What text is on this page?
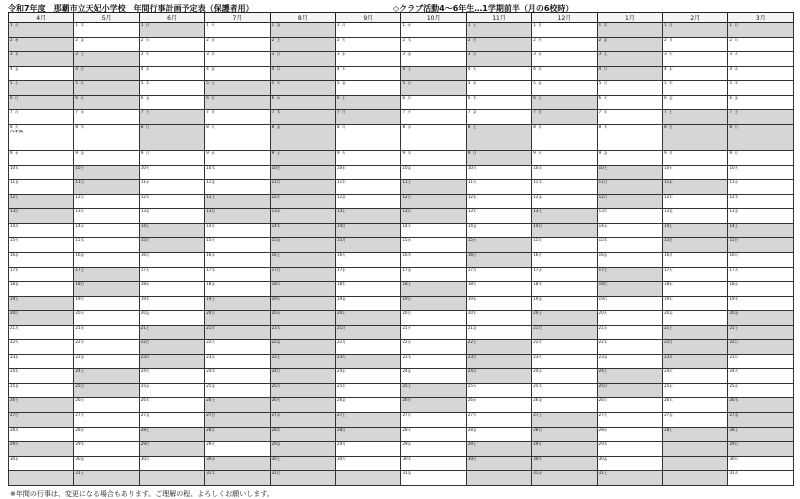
令和7年度　那覇市立天妃小学校　年間行事計画予定表（保護者用）	◇クラブ活動4～6年生…1学期前半（月の6校時）
4月	5月	6月	7月	8月	9月	10月	11月	12月	1月	2月	3月
1 火	1 木	1 日	1 火	1 金	1 月	1 水	1 土	1 月	1 木	1 日	1 日
2 水	2 金	2 月	2 水	2 土	2 火	2 木	2 日	2 火	2 金	2 月	2 月

3 木	3 土	3 火	3 木	3 日	3 水	3 金	3 月	3 水	3 土	3 火	3 火

4 金	4 日	4 水	4 金	4 月	4 木	4 土	4 火	4 木	4 日	4 水	4 水

5 土	5 月	5 木	5 土	5 火	5 金	5 日	5 水	5 金	5 月	5 木	5 木

6 日	6 火	6 金	6 日	6 水	6 土	6 月	6 木	6 土	6 火	6 金	6 金

7 月	7 水	7 土	7 月	7 木	7 日	7 火	7 金	7 日	7 水	7 土	7 土
8 火
入学式	8 木	8 日	8 火	8 金	8 月	8 水	8 土	8 月	8 木	8 日	8 日
9 水	9 金	9 月	9 水	9 土	9 火	9 木	9 日	9 火	9 金	9 月	9 月

10木	10土	10火	10木	10日	10水	10金	10月	10水	10土	10火	10火

11金	11日	11水	11金	11月	11木	11土	11火	11木	11日	11水	11水

12土	12月	12木	12土	12火	12金	12日	12水	12金	12月	12木	12木

13日	13火	13金	13日	13水	13土	13月	13木	13土	13火	13金	13金

14月	14水	14土	14月	14木	14日	14火	14金	14日	14水	14土	14土
15火	15木	15日	15火	15金	15月	15水	15土	15月	15木	15日	15日
16水	16金	16月	16水	16土	16火	16木	16日	16火	16金	16月	16月

17木	17土	17火	17木	17日	17水	17金	17月	17水	17土	17火	17火

18金	18日	18水	18金	18月	18木	18土	18火	18木	18日	18水	18水

19土	19月	19木	19土	19火	19金	19日	19水	19金	19月	19木	19木

20日	20火	20金	20日	20水	20土	20月	20木	20土	20火	20金	20金
21月	21水	21土	21月	21木	21日	21火	21金	21日	21水	21土	21土
22火	22木	22日	22火	22金	22月	22水	22土	22月	22木	22日	22日
23水	23金	23月	23水	23土	23火	23木	23日	23火	23金	23月	23月

24木	24土	24火	24木	24日	24水	24金	24月	24水	24土	24火	24火

25金	25日	25水	25金	25月	25木	25土	25火	25木	25日	25水	25水

26土	26月	26木	26土	26火	26金	26日	26水	26金	26月	26木	26木
27日	27火	27金	27日	27水	27土	27月	27木	27土	27火	27金	27金
28月	28水	28土	28月	28木	28日	28火	28金	28日	28水	28土	28土
29火	29木	29日	29火	29金	29月	29水	29土	29月	29木		29日
30水	30金	30月	30水	30土	30火	30木	30日	30火	30金		30月

	31土		31木	31日		31金		31水	31土		31火
※年間の行事は、変更になる場合もあります。ご理解の程、よろしくお願いします。
